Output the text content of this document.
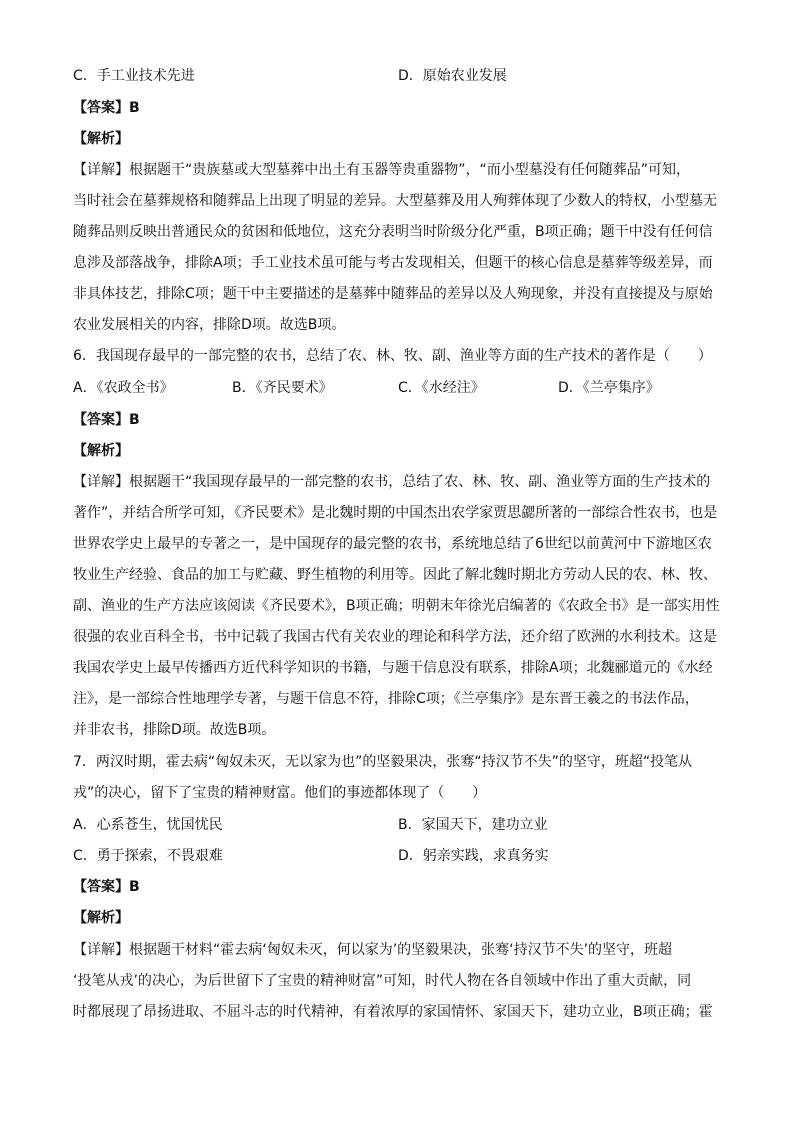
C．手工业技术先进	D．原始农业发展
【答案】B
【解析】
【详解】根据题干“贵族墓或大型墓葬中出土有玉器等贵重器物”，“而小型墓没有任何随葬品”可知，
当时社会在墓葬规格和随葬品上出现了明显的差异。大型墓葬及用人殉葬体现了少数人的特权，小型墓无
随葬品则反映出普通民众的贫困和低地位，这充分表明当时阶级分化严重，B项正确；题干中没有任何信
息涉及部落战争，排除A项；手工业技术虽可能与考古发现相关，但题干的核心信息是墓葬等级差异，而
非具体技艺，排除C项；题干中主要描述的是墓葬中随葬品的差异以及人殉现象，并没有直接提及与原始
农业发展相关的内容，排除D项。故选B项。
6．我国现存最早的一部完整的农书，总结了农、林、牧、副、渔业等方面的生产技术的著作是（　　）
A．《农政全书》	B．《齐民要术》	C．《水经注》	D．《兰亭集序》
【答案】B
【解析】
【详解】根据题干“我国现存最早的一部完整的农书，总结了农、林、牧、副、渔业等方面的生产技术的
著作”，并结合所学可知，《齐民要术》是北魏时期的中国杰出农学家贾思勰所著的一部综合性农书，也是
世界农学史上最早的专著之一，是中国现存的最完整的农书，系统地总结了6世纪以前黄河中下游地区农
牧业生产经验、食品的加工与贮藏、野生植物的利用等。因此了解北魏时期北方劳动人民的农、林、牧、
副、渔业的生产方法应该阅读《齐民要术》，B项正确；明朝末年徐光启编著的《农政全书》是一部实用性
很强的农业百科全书，书中记载了我国古代有关农业的理论和科学方法，还介绍了欧洲的水利技术。这是
我国农学史上最早传播西方近代科学知识的书籍，与题干信息没有联系，排除A项；北魏郦道元的《水经
注》，是一部综合性地理学专著，与题干信息不符，排除C项；《兰亭集序》是东晋王羲之的书法作品，
并非农书，排除D项。故选B项。
7．两汉时期，霍去病“匈奴未灭，无以家为也”的坚毅果决，张骞“持汉节不失”的坚守，班超“投笔从
戎”的决心，留下了宝贵的精神财富。他们的事迹都体现了（　　）
A．心系苍生，忧国忧民	B．家国天下，建功立业
C．勇于探索，不畏艰难	D．躬亲实践，求真务实
【答案】B
【解析】
【详解】根据题干材料“霍去病‘匈奴未灭，何以家为’的坚毅果决，张骞‘持汉节不失’的坚守，班超
‘投笔从戎’的决心，为后世留下了宝贵的精神财富”可知，时代人物在各自领域中作出了重大贡献，同
时都展现了昂扬进取、不屈斗志的时代精神，有着浓厚的家国情怀、家国天下，建功立业，B项正确；霍
